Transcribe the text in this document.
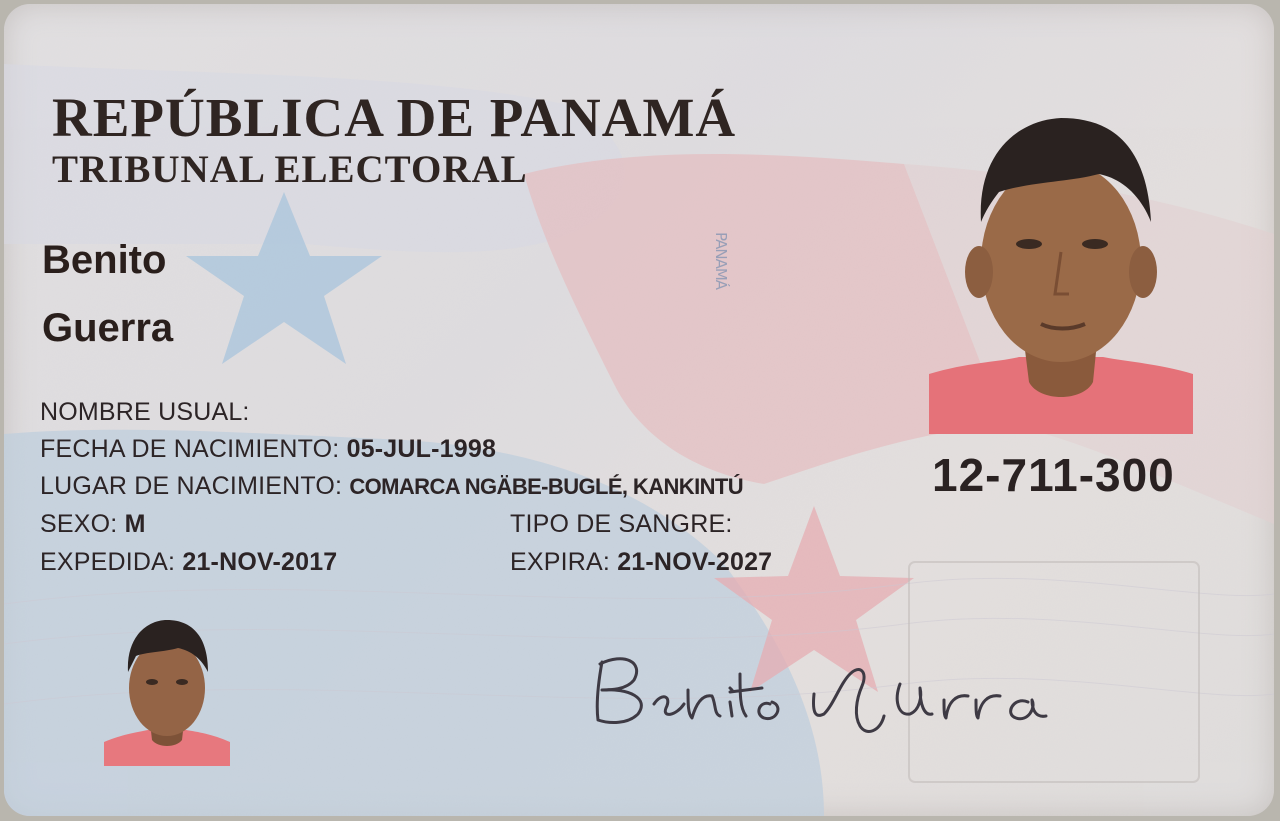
PANAMÁ
REPÚBLICA DE PANAMÁ
TRIBUNAL ELECTORAL
Benito
Guerra
NOMBRE USUAL:
FECHA DE NACIMIENTO: 05-JUL-1998
LUGAR DE NACIMIENTO: COMARCA NGÄBE-BUGLÉ, KANKINTÚ
SEXO: M	TIPO DE SANGRE:
EXPEDIDA: 21-NOV-2017	EXPIRA: 21-NOV-2027
12-711-300
